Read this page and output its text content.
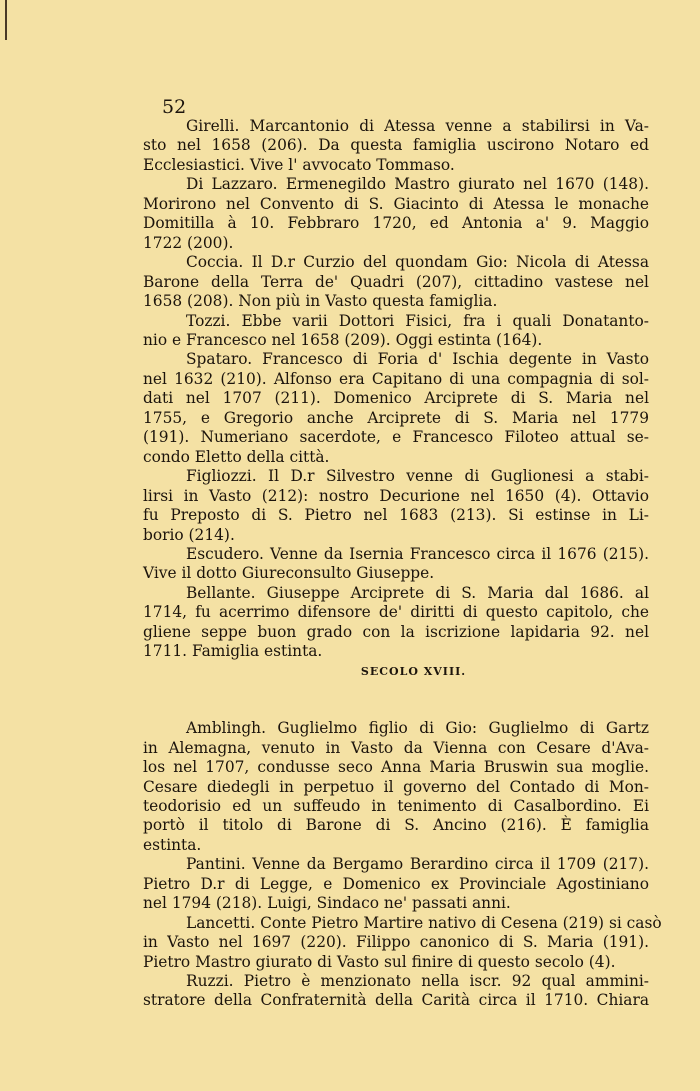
52
Girelli. Marcantonio di Atessa venne a stabilirsi in Va-
sto nel 1658 (206). Da questa famiglia uscirono Notaro ed
Ecclesiastici. Vive l' avvocato Tommaso.
Di Lazzaro. Ermenegildo Mastro giurato nel 1670 (148).
Morirono nel Convento di S. Giacinto di Atessa le monache
Domitilla à 10. Febbraro 1720, ed Antonia a' 9. Maggio
1722 (200).
Coccia. Il D.r Curzio del quondam Gio: Nicola di Atessa
Barone della Terra de' Quadri (207), cittadino vastese nel
1658 (208). Non più in Vasto questa famiglia.
Tozzi. Ebbe varii Dottori Fisici, fra i quali Donatanto-
nio e Francesco nel 1658 (209). Oggi estinta (164).
Spataro. Francesco di Foria d' Ischia degente in Vasto
nel 1632 (210). Alfonso era Capitano di una compagnia di sol-
dati nel 1707 (211). Domenico Arciprete di S. Maria nel
1755, e Gregorio anche Arciprete di S. Maria nel 1779
(191). Numeriano sacerdote, e Francesco Filoteo attual se-
condo Eletto della città.
Figliozzi. Il D.r Silvestro venne di Guglionesi a stabi-
lirsi in Vasto (212): nostro Decurione nel 1650 (4). Ottavio
fu Preposto di S. Pietro nel 1683 (213). Si estinse in Li-
borio (214).
Escudero. Venne da Isernia Francesco circa il 1676 (215).
Vive il dotto Giureconsulto Giuseppe.
Bellante. Giuseppe Arciprete di S. Maria dal 1686. al
1714, fu acerrimo difensore de' diritti di questo capitolo, che
gliene seppe buon grado con la iscrizione lapidaria 92. nel
1711. Famiglia estinta.
SECOLO XVIII.
Amblingh. Guglielmo figlio di Gio: Guglielmo di Gartz
in Alemagna, venuto in Vasto da Vienna con Cesare d'Ava-
los nel 1707, condusse seco Anna Maria Bruswin sua moglie.
Cesare diedegli in perpetuo il governo del Contado di Mon-
teodorisio ed un suffeudo in tenimento di Casalbordino. Ei
portò il titolo di Barone di S. Ancino (216). È famiglia
estinta.
Pantini. Venne da Bergamo Berardino circa il 1709 (217).
Pietro D.r di Legge, e Domenico ex Provinciale Agostiniano
nel 1794 (218). Luigi, Sindaco ne' passati anni.
Lancetti. Conte Pietro Martire nativo di Cesena (219) si casò
in Vasto nel 1697 (220). Filippo canonico di S. Maria (191).
Pietro Mastro giurato di Vasto sul finire di questo secolo (4).
Ruzzi. Pietro è menzionato nella iscr. 92 qual ammini-
stratore della Confraternità della Carità circa il 1710. Chiara
